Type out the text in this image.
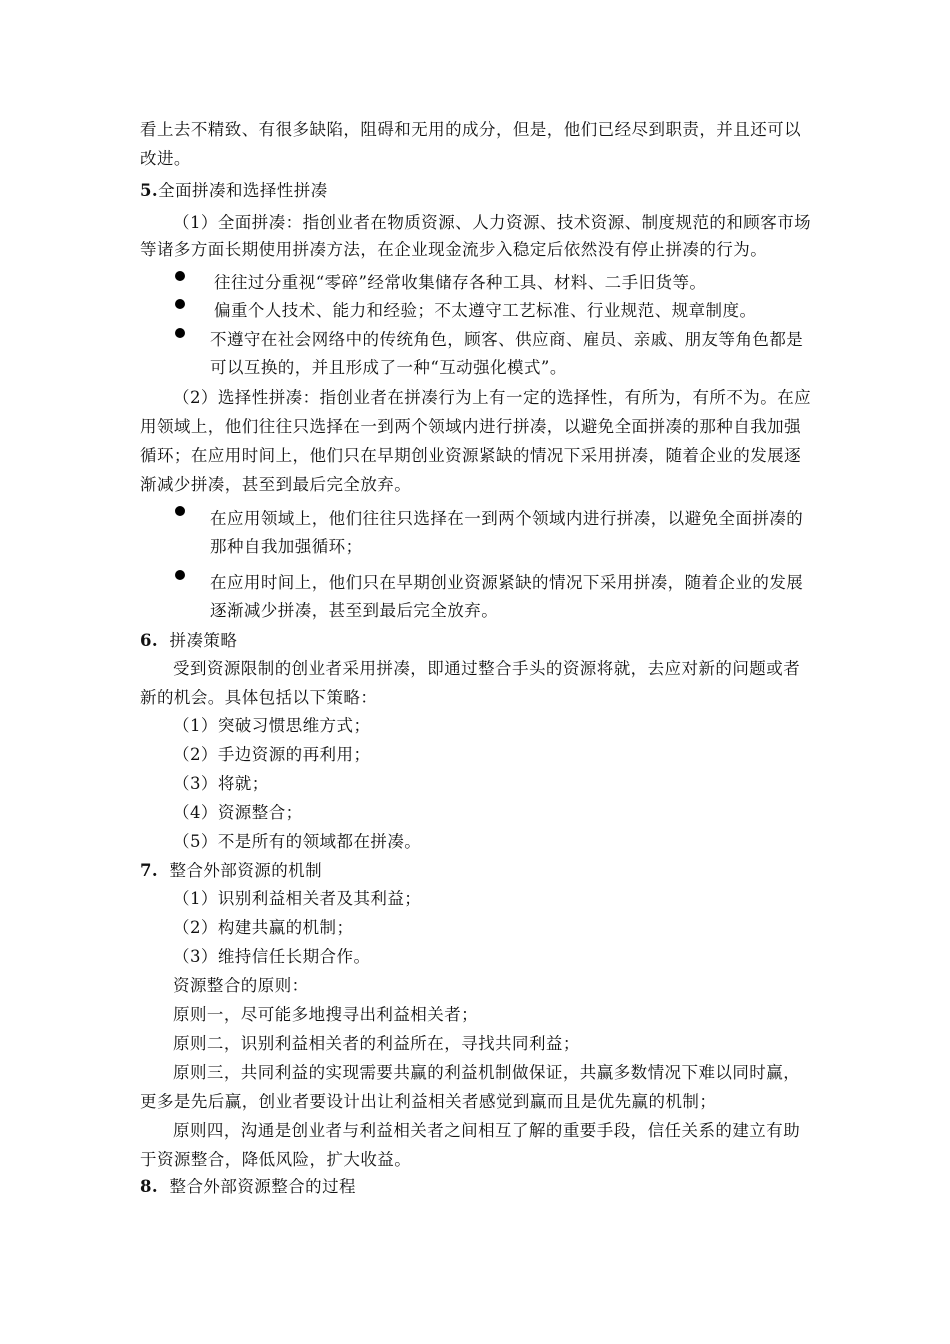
看上去不精致、有很多缺陷，阻碍和无用的成分，但是，他们已经尽到职责，并且还可以
改进。
5.全面拼凑和选择性拼凑
（1）全面拼凑：指创业者在物质资源、人力资源、技术资源、制度规范的和顾客市场
等诸多方面长期使用拼凑方法，在企业现金流步入稳定后依然没有停止拼凑的行为。
往往过分重视“零碎”经常收集储存各种工具、材料、二手旧货等。
偏重个人技术、能力和经验；不太遵守工艺标准、行业规范、规章制度。
不遵守在社会网络中的传统角色，顾客、供应商、雇员、亲戚、朋友等角色都是
可以互换的，并且形成了一种“互动强化模式”。
（2）选择性拼凑：指创业者在拼凑行为上有一定的选择性，有所为，有所不为。在应
用领域上，他们往往只选择在一到两个领域内进行拼凑，以避免全面拼凑的那种自我加强
循环；在应用时间上，他们只在早期创业资源紧缺的情况下采用拼凑，随着企业的发展逐
渐减少拼凑，甚至到最后完全放弃。
在应用领域上，他们往往只选择在一到两个领域内进行拼凑，以避免全面拼凑的
那种自我加强循环；
在应用时间上，他们只在早期创业资源紧缺的情况下采用拼凑，随着企业的发展
逐渐减少拼凑，甚至到最后完全放弃。
6. 拼凑策略
受到资源限制的创业者采用拼凑，即通过整合手头的资源将就，去应对新的问题或者
新的机会。具体包括以下策略：
（1）突破习惯思维方式；
（2）手边资源的再利用；
（3）将就；
（4）资源整合；
（5）不是所有的领域都在拼凑。
7. 整合外部资源的机制
（1）识别利益相关者及其利益；
（2）构建共赢的机制；
（3）维持信任长期合作。
资源整合的原则：
原则一，尽可能多地搜寻出利益相关者；
原则二，识别利益相关者的利益所在，寻找共同利益；
原则三，共同利益的实现需要共赢的利益机制做保证，共赢多数情况下难以同时赢，
更多是先后赢，创业者要设计出让利益相关者感觉到赢而且是优先赢的机制；
原则四，沟通是创业者与利益相关者之间相互了解的重要手段，信任关系的建立有助
于资源整合，降低风险，扩大收益。
8. 整合外部资源整合的过程
